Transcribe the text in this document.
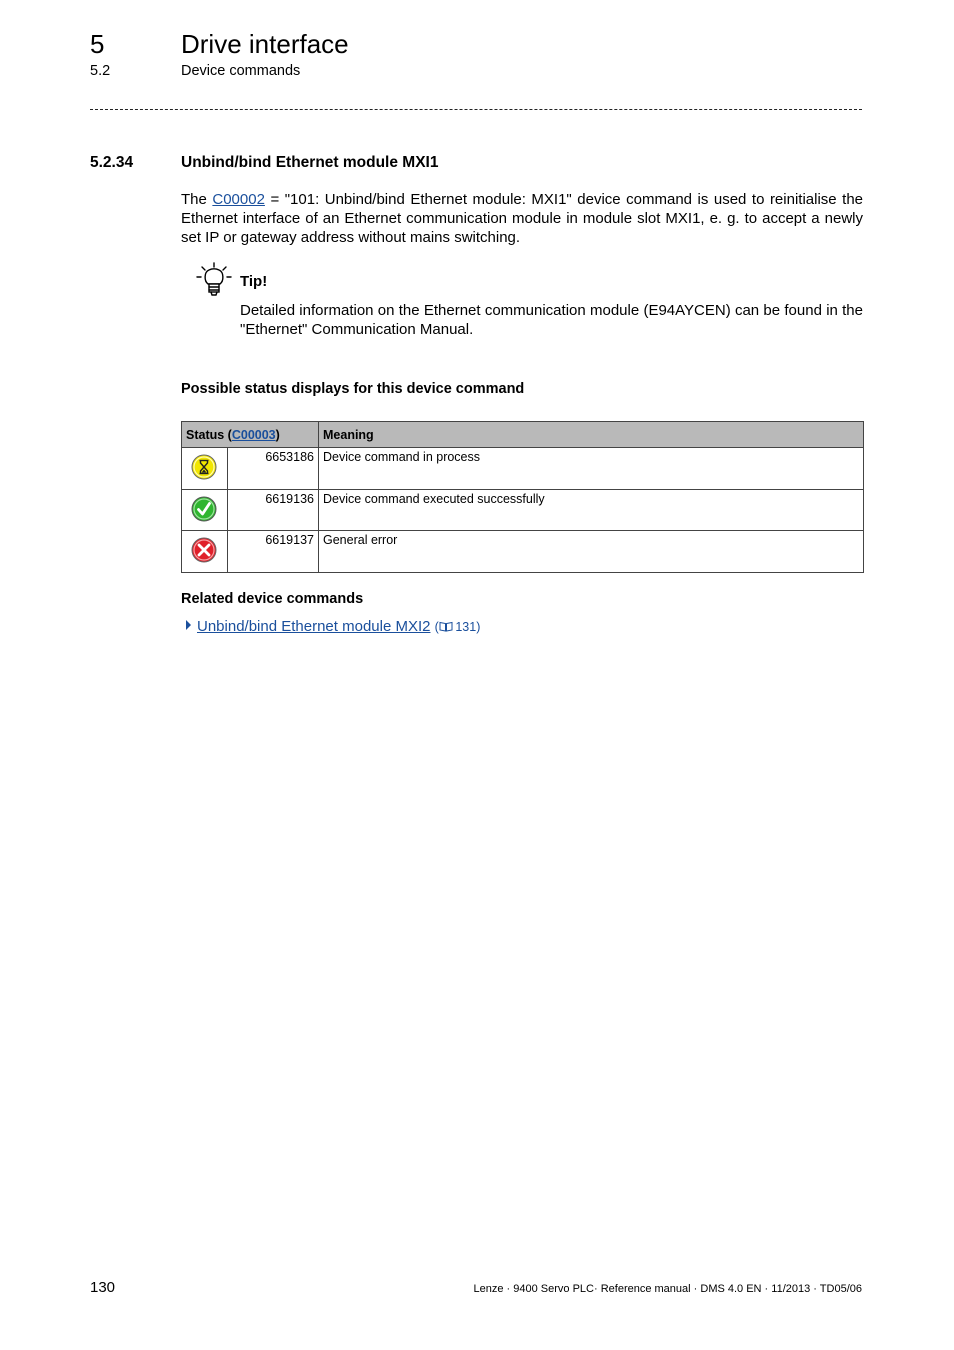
5	Drive interface
5.2	Device commands
5.2.34	Unbind/bind Ethernet module MXI1
The C00002 = "101: Unbind/bind Ethernet module: MXI1" device command is used to reinitialise the Ethernet interface of an Ethernet communication module in module slot MXI1, e. g. to accept a newly set IP or gateway address without mains switching.
Tip!
Detailed information on the Ethernet communication module (E94AYCEN) can be found in the "Ethernet" Communication Manual.
Possible status displays for this device command
Status (C00003)		Meaning

6653186	Device command in process

6619136	Device command executed successfully

6619137	General error
Related device commands
Unbind/bind Ethernet module MXI2 (  131)
130	Lenze · 9400 Servo PLC· Reference manual · DMS 4.0 EN · 11/2013 · TD05/06
